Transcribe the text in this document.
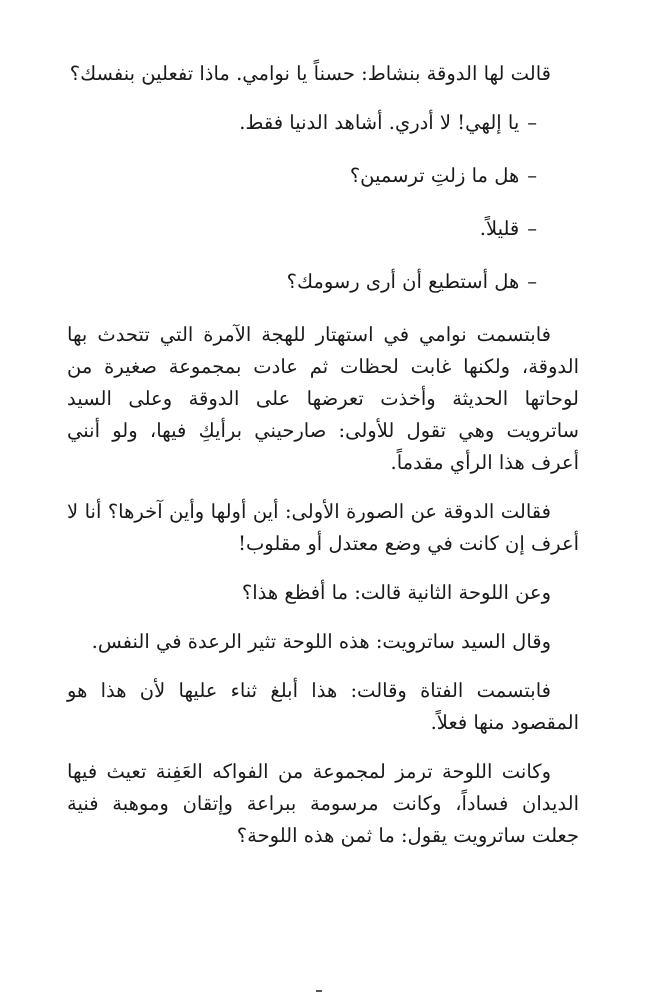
قالت لها الدوقة بنشاط: حسناً يا نوامي. ماذا تفعلين بنفسك؟

–يا إلهي! لا أدري. أشاهد الدنيا فقط.

–هل ما زلتِ ترسمين؟

–قليلاً.

–هل أستطيع أن أرى رسومك؟

فابتسمت نوامي في استهتار للهجة الآمرة التي تتحدث بها الدوقة، ولكنها غابت لحظات ثم عادت بمجموعة صغيرة من لوحاتها الحديثة وأخذت تعرضها على الدوقة وعلى السيد ساترويت وهي تقول للأولى: صارحيني برأيكِ فيها، ولو أنني أعرف هذا الرأي مقدماً.

فقالت الدوقة عن الصورة الأولى: أين أولها وأين آخرها؟ أنا لا أعرف إن كانت في وضع معتدل أو مقلوب!

وعن اللوحة الثانية قالت: ما أفظع هذا؟

وقال السيد ساترويت: هذه اللوحة تثير الرعدة في النفس.

فابتسمت الفتاة وقالت: هذا أبلغ ثناء عليها لأن هذا هو المقصود منها فعلاً.

وكانت اللوحة ترمز لمجموعة من الفواكه العَفِنة تعيث فيها الديدان فساداً، وكانت مرسومة ببراعة وإتقان وموهبة فنية جعلت ساترويت يقول: ما ثمن هذه اللوحة؟
